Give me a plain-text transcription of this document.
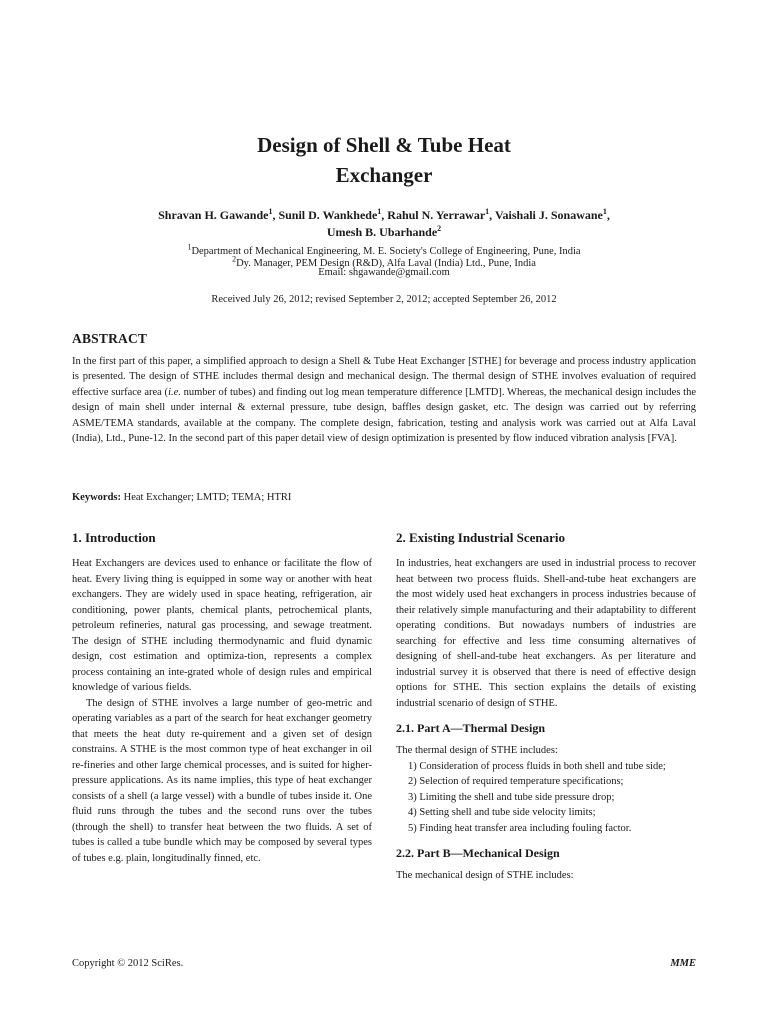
Design of Shell & Tube Heat
Exchanger
Shravan H. Gawande$^1$, Sunil D. Wankhede$^1$, Rahul N. Yerrawar$^1$, Vaishali J. Sonawane$^1$,
Umesh B. Ubarhande$^2$
$^1$Department of Mechanical Engineering, M. E. Society's College of Engineering, Pune, India
$^2$Dy. Manager, PEM Design (R&D), Alfa Laval (India) Ltd., Pune, India
Email: shgawande@gmail.com
Received July 26, 2012; revised September 2, 2012; accepted September 26, 2012
ABSTRACT
In the first part of this paper, a simplified approach to design a Shell & Tube Heat Exchanger [STHE] for beverage and process industry application is presented. The design of STHE includes thermal design and mechanical design. The thermal design of STHE involves evaluation of required effective surface area (i.e. number of tubes) and finding out log mean temperature difference [LMTD]. Whereas, the mechanical design includes the design of main shell under internal & external pressure, tube design, baffles design gasket, etc. The design was carried out by referring ASME/TEMA standards, available at the company. The complete design, fabrication, testing and analysis work was carried out at Alfa Laval (India), Ltd., Pune-12. In the second part of this paper detail view of design optimization is presented by flow induced vibration analysis [FVA].
Keywords: Heat Exchanger; LMTD; TEMA; HTRI
1. Introduction
Heat Exchangers are devices used to enhance or facilitate the flow of heat. Every living thing is equipped in some way or another with heat exchangers. They are widely used in space heating, refrigeration, air conditioning, power plants, chemical plants, petrochemical plants, petroleum refineries, natural gas processing, and sewage treatment. The design of STHE including thermodynamic and fluid dynamic design, cost estimation and optimiza-tion, represents a complex process containing an inte-grated whole of design rules and empirical knowledge of various fields.
The design of STHE involves a large number of geo-metric and operating variables as a part of the search for heat exchanger geometry that meets the heat duty re-quirement and a given set of design constrains. A STHE is the most common type of heat exchanger in oil re-fineries and other large chemical processes, and is suited for higher-pressure applications. As its name implies, this type of heat exchanger consists of a shell (a large vessel) with a bundle of tubes inside it. One fluid runs through the tubes and the second runs over the tubes (through the shell) to transfer heat between the two fluids. A set of tubes is called a tube bundle which may be composed by several types of tubes e.g. plain, longitudinally finned, etc.
2. Existing Industrial Scenario
In industries, heat exchangers are used in industrial process to recover heat between two process fluids. Shell-and-tube heat exchangers are the most widely used heat exchangers in process industries because of their relatively simple manufacturing and their adaptability to different operating conditions. But nowadays numbers of industries are searching for effective and less time consuming alternatives of designing of shell-and-tube heat exchangers. As per literature and industrial survey it is observed that there is need of effective design options for STHE. This section explains the details of existing industrial scenario of design of STHE.
2.1. Part A—Thermal Design
The thermal design of STHE includes:
1) Consideration of process fluids in both shell and tube side;
2) Selection of required temperature specifications;
3) Limiting the shell and tube side pressure drop;
4) Setting shell and tube side velocity limits;
5) Finding heat transfer area including fouling factor.
2.2. Part B—Mechanical Design
The mechanical design of STHE includes:
Copyright © 2012 SciRes.	MME
